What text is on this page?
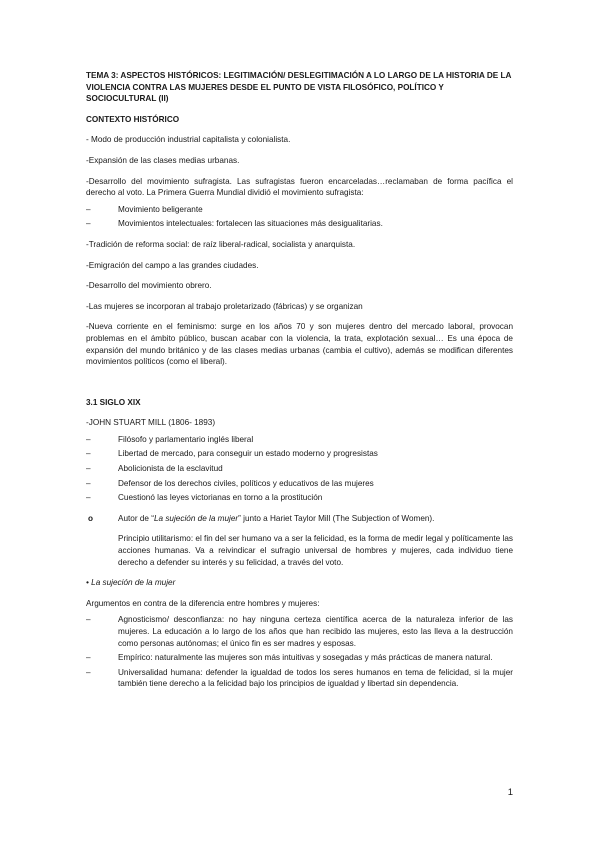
TEMA 3: ASPECTOS HISTÓRICOS: LEGITIMACIÓN/ DESLEGITIMACIÓN A LO LARGO DE LA HISTORIA DE LA VIOLENCIA CONTRA LAS MUJERES DESDE EL PUNTO DE VISTA FILOSÓFICO, POLÍTICO Y SOCIOCULTURAL (II)

CONTEXTO HISTÓRICO

- Modo de producción industrial capitalista y colonialista.

-Expansión de las clases medias urbanas.

-Desarrollo del movimiento sufragista. Las sufragistas fueron encarceladas…reclamaban de forma pacífica el derecho al voto. La Primera Guerra Mundial dividió el movimiento sufragista:

– Movimiento beligerante
– Movimientos intelectuales: fortalecen las situaciones más desigualitarias.

-Tradición de reforma social: de raíz liberal-radical, socialista y anarquista.

-Emigración del campo a las grandes ciudades.

-Desarrollo del movimiento obrero.

-Las mujeres se incorporan al trabajo proletarizado (fábricas) y se organizan

-Nueva corriente en el feminismo: surge en los años 70 y son mujeres dentro del mercado laboral, provocan problemas en el ámbito público, buscan acabar con la violencia, la trata, explotación sexual… Es una época de expansión del mundo británico y de las clases medias urbanas (cambia el cultivo), además se modifican diferentes movimientos políticos (como el liberal).

3.1 SIGLO XIX

-JOHN STUART MILL (1806- 1893)

– Filósofo y parlamentario inglés liberal
– Libertad de mercado, para conseguir un estado moderno y progresistas
– Abolicionista de la esclavitud
– Defensor de los derechos civiles, políticos y educativos de las mujeres
– Cuestionó las leyes victorianas en torno a la prostitución
o Autor de “La sujeción de la mujer” junto a Hariet Taylor Mill (The Subjection of Women).

Principio utilitarismo: el fin del ser humano va a ser la felicidad, es la forma de medir legal y políticamente las acciones humanas. Va a reivindicar el sufragio universal de hombres y mujeres, cada individuo tiene derecho a defender su interés y su felicidad, a través del voto.

• La sujeción de la mujer

Argumentos en contra de la diferencia entre hombres y mujeres:

– Agnosticismo/ desconfianza: no hay ninguna certeza científica acerca de la naturaleza inferior de las mujeres. La educación a lo largo de los años que han recibido las mujeres, esto las lleva a la destrucción como personas autónomas; el único fin es ser madres y esposas.
– Empírico: naturalmente las mujeres son más intuitivas y sosegadas y más prácticas de manera natural.
– Universalidad humana: defender la igualdad de todos los seres humanos en tema de felicidad, si la mujer también tiene derecho a la felicidad bajo los principios de igualdad y libertad sin dependencia.
1
